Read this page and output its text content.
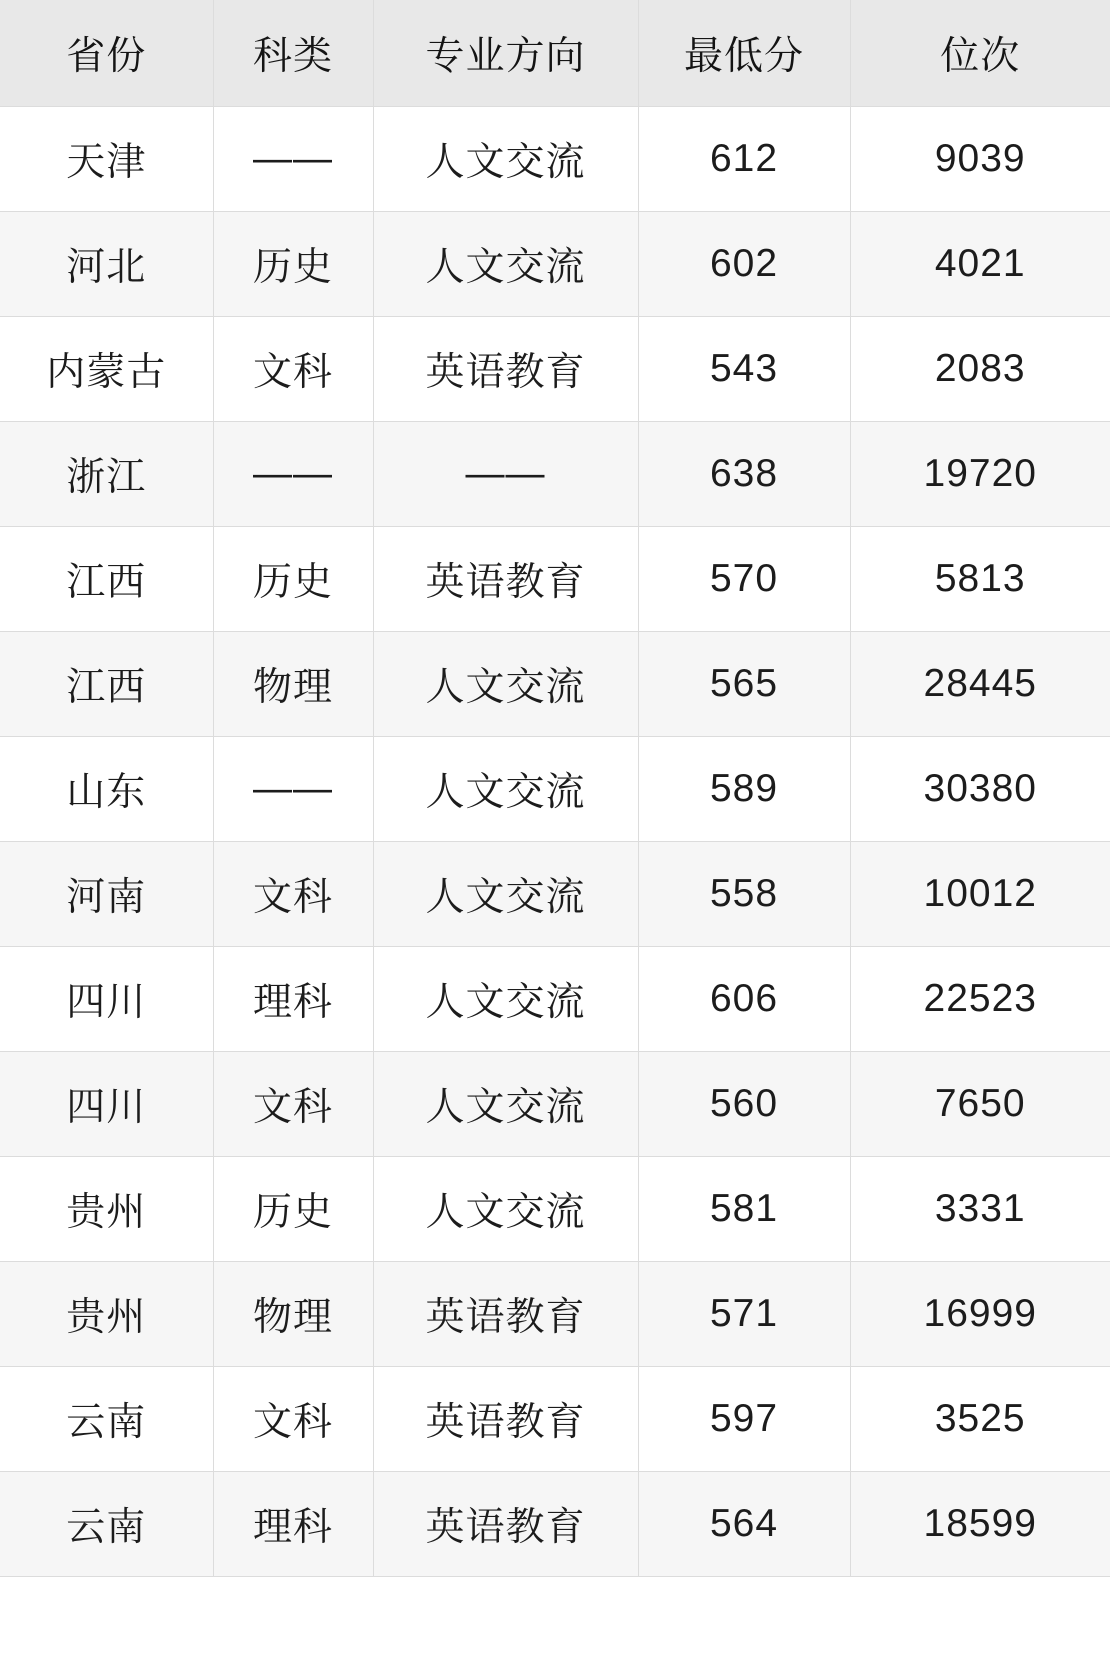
省份	科类	专业方向	最低分	位次
天津	——	人文交流	612	9039
河北	历史	人文交流	602	4021
内蒙古	文科	英语教育	543	2083
浙江	——	——	638	19720
江西	历史	英语教育	570	5813
江西	物理	人文交流	565	28445
山东	——	人文交流	589	30380
河南	文科	人文交流	558	10012
四川	理科	人文交流	606	22523
四川	文科	人文交流	560	7650
贵州	历史	人文交流	581	3331
贵州	物理	英语教育	571	16999
云南	文科	英语教育	597	3525
云南	理科	英语教育	564	18599
